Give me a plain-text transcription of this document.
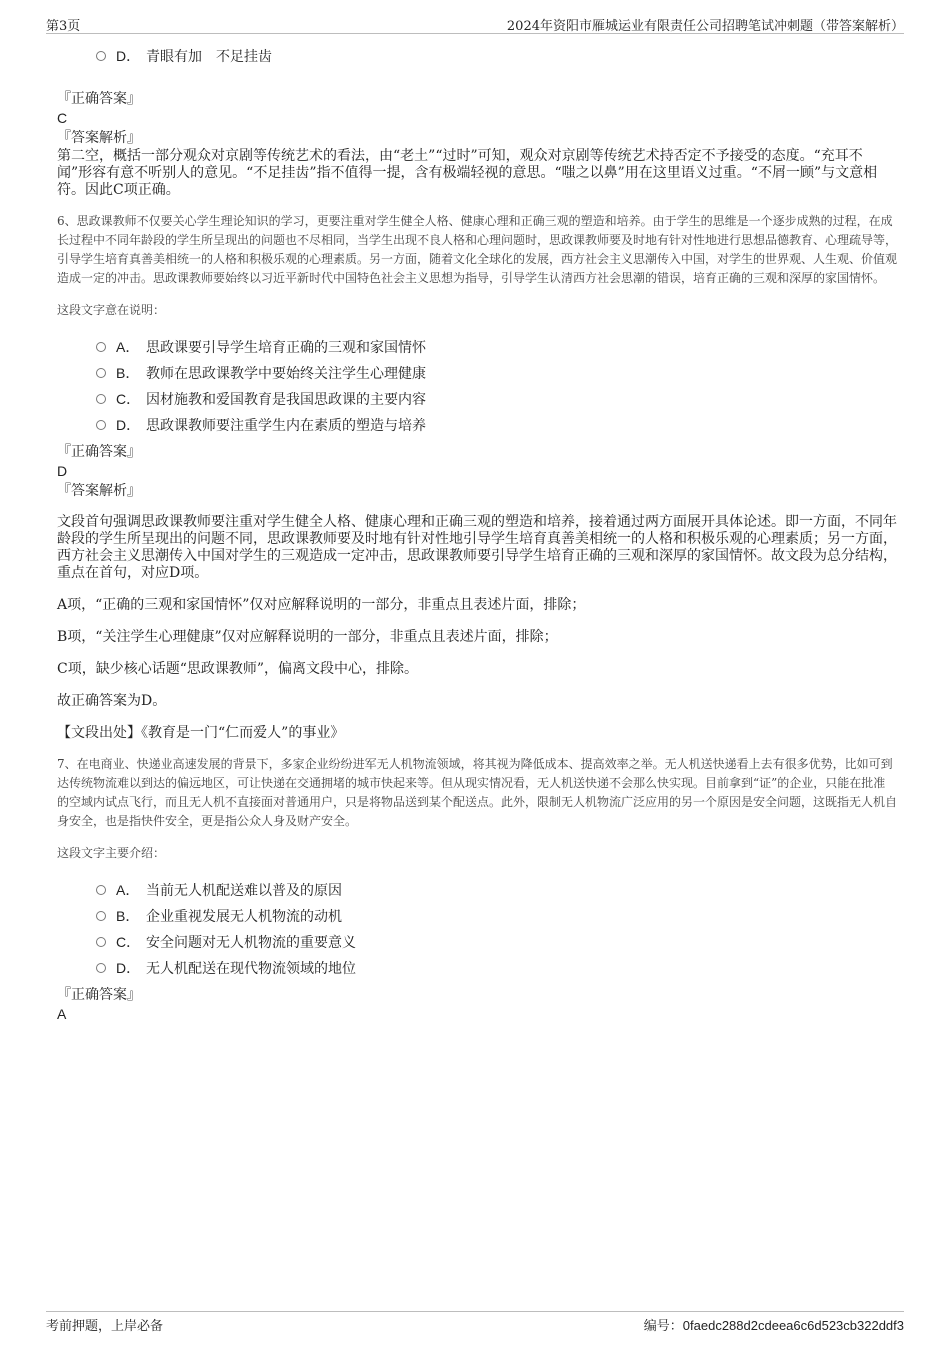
第3页	2024年资阳市雁城运业有限责任公司招聘笔试冲刺题（带答案解析）
D． 青眼有加　不足挂齿
『正确答案』
C
『答案解析』
第二空，概括一部分观众对京剧等传统艺术的看法，由“老土”“过时”可知，观众对京剧等传统艺术持否定不予接受的态度。“充耳不闻”形容有意不听别人的意见。“不足挂齿”指不值得一提，含有极端轻视的意思。“嗤之以鼻”用在这里语义过重。“不屑一顾”与文意相符。因此C项正确。

6、思政课教师不仅要关心学生理论知识的学习，更要注重对学生健全人格、健康心理和正确三观的塑造和培养。由于学生的思维是一个逐步成熟的过程，在成长过程中不同年龄段的学生所呈现出的问题也不尽相同，当学生出现不良人格和心理问题时，思政课教师要及时地有针对性地进行思想品德教育、心理疏导等，引导学生培育真善美相统一的人格和积极乐观的心理素质。另一方面，随着文化全球化的发展，西方社会主义思潮传入中国，对学生的世界观、人生观、价值观造成一定的冲击。思政课教师要始终以习近平新时代中国特色社会主义思想为指导，引导学生认清西方社会思潮的错误，培育正确的三观和深厚的家国情怀。

这段文字意在说明：
A． 思政课要引导学生培育正确的三观和家国情怀
B． 教师在思政课教学中要始终关注学生心理健康
C． 因材施教和爱国教育是我国思政课的主要内容
D． 思政课教师要注重学生内在素质的塑造与培养
『正确答案』
D
『答案解析』
文段首句强调思政课教师要注重对学生健全人格、健康心理和正确三观的塑造和培养，接着通过两方面展开具体论述。即一方面，不同年龄段的学生所呈现出的问题不同，思政课教师要及时地有针对性地引导学生培育真善美相统一的人格和积极乐观的心理素质；另一方面，西方社会主义思潮传入中国对学生的三观造成一定冲击，思政课教师要引导学生培育正确的三观和深厚的家国情怀。故文段为总分结构，重点在首句，对应D项。
A项，“正确的三观和家国情怀”仅对应解释说明的一部分，非重点且表述片面，排除；
B项，“关注学生心理健康”仅对应解释说明的一部分，非重点且表述片面，排除；
C项，缺少核心话题“思政课教师”，偏离文段中心，排除。
故正确答案为D。
【文段出处】《教育是一门“仁而爱人”的事业》

7、在电商业、快递业高速发展的背景下，多家企业纷纷进军无人机物流领域，将其视为降低成本、提高效率之举。无人机送快递看上去有很多优势，比如可到达传统物流难以到达的偏远地区，可让快递在交通拥堵的城市快起来等。但从现实情况看，无人机送快递不会那么快实现。目前拿到“证”的企业，只能在批准的空域内试点飞行，而且无人机不直接面对普通用户，只是将物品送到某个配送点。此外，限制无人机物流广泛应用的另一个原因是安全问题，这既指无人机自身安全，也是指快件安全，更是指公众人身及财产安全。

这段文字主要介绍：
A． 当前无人机配送难以普及的原因
B． 企业重视发展无人机物流的动机
C． 安全问题对无人机物流的重要意义
D． 无人机配送在现代物流领域的地位
『正确答案』
A
考前押题，上岸必备	编号：0faedc288d2cdeea6c6d523cb322ddf3
